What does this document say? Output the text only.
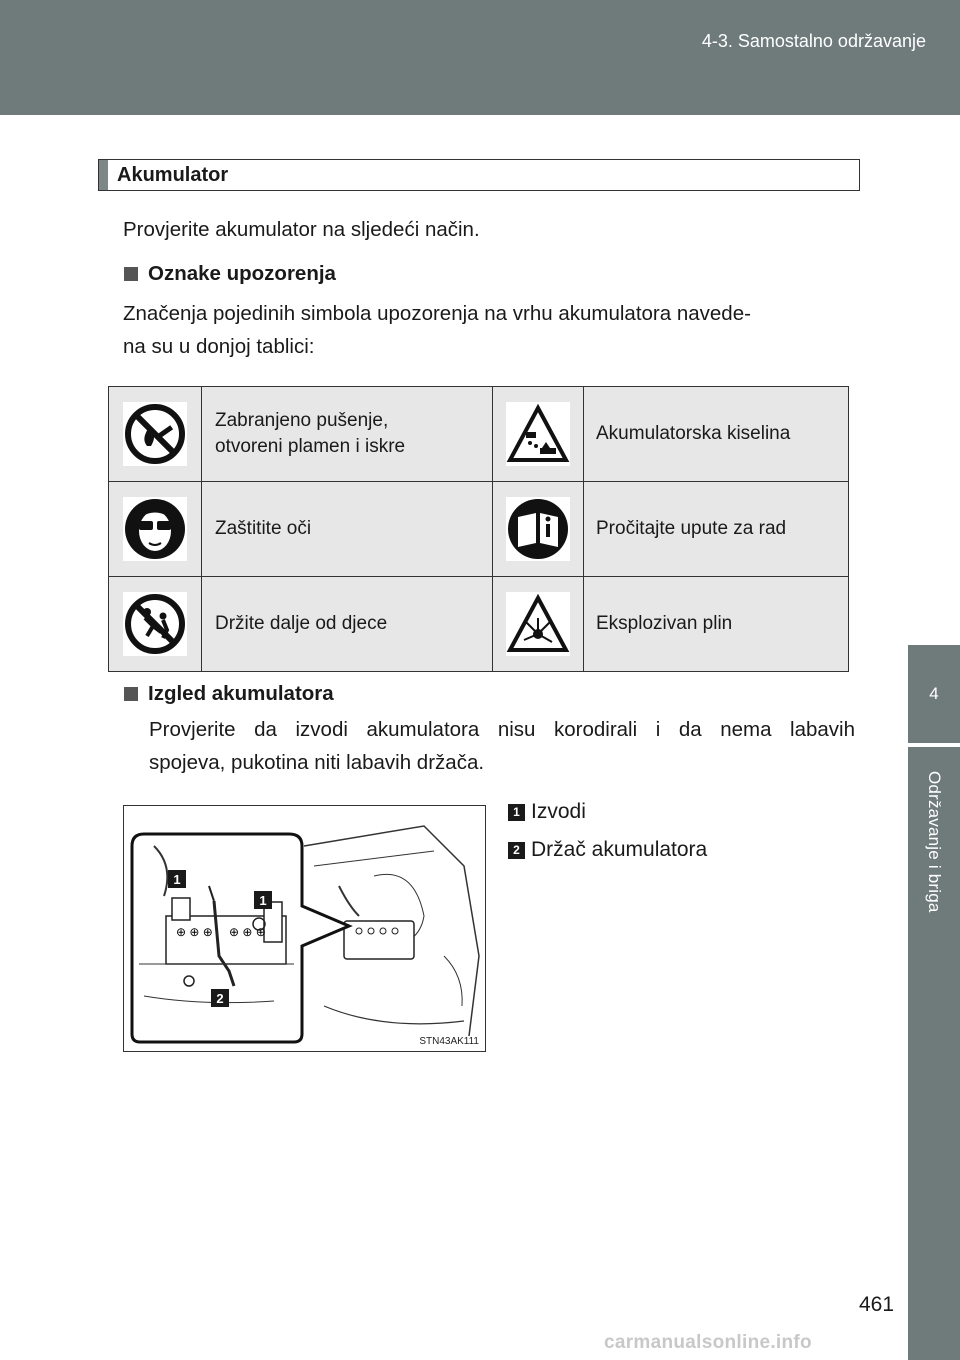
4-3. Samostalno održavanje
4
Održavanje i briga
Akumulator
Provjerite akumulator na sljedeći način.
Oznake upozorenja
Značenja pojedinih simbola upozorenja na vrhu akumulatora navede-
na su u donjoj tablici:

Zabranjeno pušenje,
otvoreni plamen i iskre		Akumulatorska kiselina

Zaštitite oči		Pročitajte upute za rad

Držite dalje od djece		Eksplozivan plin
Izgled akumulatora
Provjerite da izvodi akumulatora nisu korodirali i da nema labavih
spojeva, pukotina niti labavih držača.
1 Izvodi
2 Držač akumulatora
⊕ ⊕ ⊕ ⊕ ⊕ ⊕
1
1
2
STN43AK111
461
carmanualsonline.info
